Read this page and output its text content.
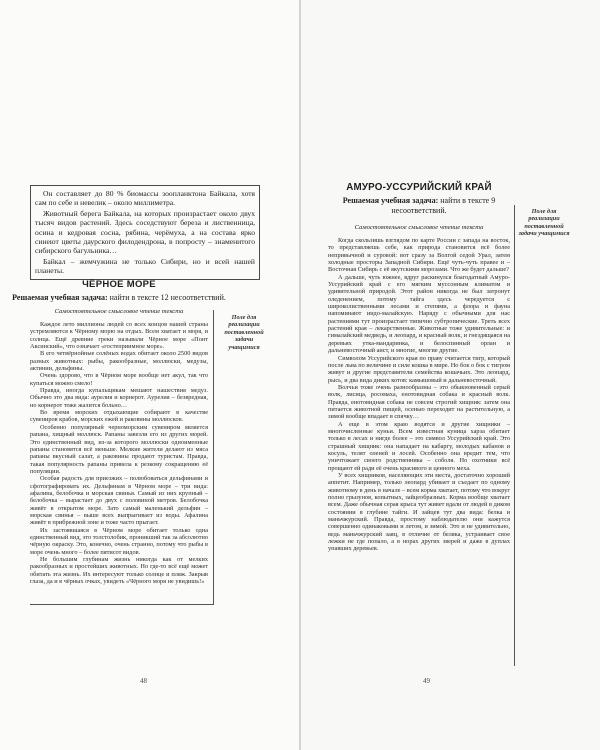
Он составляет до 80 % биомассы зоопланктона Байкала, хотя сам по себе и невелик – около миллиметра.

Животный берега Байкала, на которых произрастает около двух тысяч видов растений. Здесь соседствуют береза и лиственница, осина и кедровая сосна, рябина, черёмуха, а на состава ярко синеют цветы даурского филодендрона, в попросту – знаменитого сибирского багульника…

Байкал – жемчужина не только Сибири, но и всей нашей планеты.

ЧЁРНОЕ МОРЕ
Решаемая учебная задача: найти в тексте 12 несоответствий.
Самостоятельное смысловое чтение текста

Каждое лето миллионы людей со всех концов нашей страны устремляются к Чёрному морю на отдых. Всем хватает и моря, и солнца. Ещё древние греки называли Чёрное море «Понт Аксинский», что означает «гостеприимное море».

В его четвёрнойные солёных водах обитает около 2500 видов разных животных: рыбы, ракообразные, моллюски, медузы, актинии, дельфины.

Очень здорово, что в Чёрном море вообще нет акул, так что купаться можно смело!

Правда, иногда купальщикам мешают нашествия медуз. Обычно это два вида: аурелия и корнерот. Аурелия – безвредная, но корнерот тоже жалится больно…

Во время морских отдыхающие собирают в качестве сувениров крабов, морских ежей и раковины моллюсков.

Особенно популярный черноморским сувениром является рапана, хищный моллюск. Рапаны завезли его из других морей. Это единственный вид, из-за которого моллюски одноименные рапаны становятся всё меньше. Мелкие жители делают из мяса рапаны вкусный салат, а раковины продают туристам. Правда, такая популярность рапаны привела к резкому сокращению её популяции.

Особая радость для приезжих – полюбоваться дельфинами и сфотографировать их. Дельфинам в Чёрном море – три вида: афалина, белобочка и морская свинья. Самый из них крупный – белобочка – вырастает до двух с половиной метров. Белобочка живёт в открытом море. Зато самый маленький дельфин – морская свинья – выше всех выпрыгивает из воды. Афалина живёт в прибрежной зоне и тоже часто прыгает.

Их застоявшаяся в Чёрном море обитает только одна единственный вид, это толстолобик, проникший так за абсолютно чёрную окраску. Это, конечно, очень странно, потому что рыбы в море очень много – более пятисот видов.

Не большим глубинам жизнь никогда как от мелких ракообразных и простейших животных. Но где-то всё ещё может обитать эта жизнь. Их интересуют только солнце и пляж. Закрыв глаза, да и в чёрных очках, увидеть «Чёрного моря не увидишь!»

Поле для реализации поставленной задачи учащимися
48
АМУРО-УССУРИЙСКИЙ КРАЙ
Решаемая учебная задача: найти в тексте 9 несоответствий.
Самостоятельное смысловое чтение текста

Когда скользишь взглядом по карте России с запада на восток, то представляешь себе, как природа становится всё более непривычной и суровой: вот сразу за Волгой седой Урал, затем холодные просторы Западной Сибири. Ещё чуть-чуть правее и – Восточная Сибирь с её якутскими морозами. Что же будет дальше?

А дальше, чуть южнее, вдруг раскинулся благодатный Амуро-Уссурийский край с его мягким муссонным климатом и удивительной природой. Этот район никогда не был затронут оледенением, потому тайга здесь чередуется с широколиственными лесами и степями, а флора и фауна напоминают индо-малайскую. Наряду с обычными для нас растениями тут произрастает типично субтропические. Треть всех растений края – лекарственные. Животные тоже удивительные: и гималайский медведь, и леопард, и красный волк, и гнездящаяся на деревьях утка-мандаринка, и белоспинный орлан и дальневосточный аист, и многие, многие другие.

Символом Уссурийского края по праву считается тигр, который после льва по величине и силе кошка в мире. Но бок о бок с тигром живут и другие представители семейства кошачьих. Это леопард, рысь, и два вида диких котов: камышовый и дальневосточный.

Волчьи тоже очень разнообразны – это обыкновенный серый волк, лисица, росомаха, енотовидная собака и красный волк. Правда, енотовидная собака не совсем строгий хищник: затем она питается животной пищей, осенью переходит на растительную, а зимой вообще впадает в спячку…

А еще в этом краю водятся и другие хищники – многочисленные куньи. Всем известная куница харза обитает только в лесах и нигде более – это символ Уссурийский край. Это страшный хищник: она нападает на кабаргу, молодых кабанов и косуль, телят оленей и лосей. Особенно она вредит тем, что уничтожает своего родственника – соболя. Но охотники всё прощают ей ради её очень красивого и ценного меха.

У всех хищников, населяющих эти места, достаточно хороший аппетит. Например, только леопард убивает и съедает по одному животному в день в начале – всем корма хватает, потому что вокруг полно грызунов, копытных, зайцеобразных. Корма вообще хватает всем. Даже обычная серая крыса тут живет вдали от людей в диком состоянии в глубине тайги. И зайцев тут два вида: белка и маньчжурский. Правда, простому наблюдателю они кажутся совершенно одинаковыми и летом, и зимой. Это и не удивительно, ведь маньчжурский заяц, в отличие от беляка, устраивает свое лежки не где попало, а в норах других зверей и даже в дуплах упавших деревьев.

Поле для реализации поставленной задачи учащимися
49
